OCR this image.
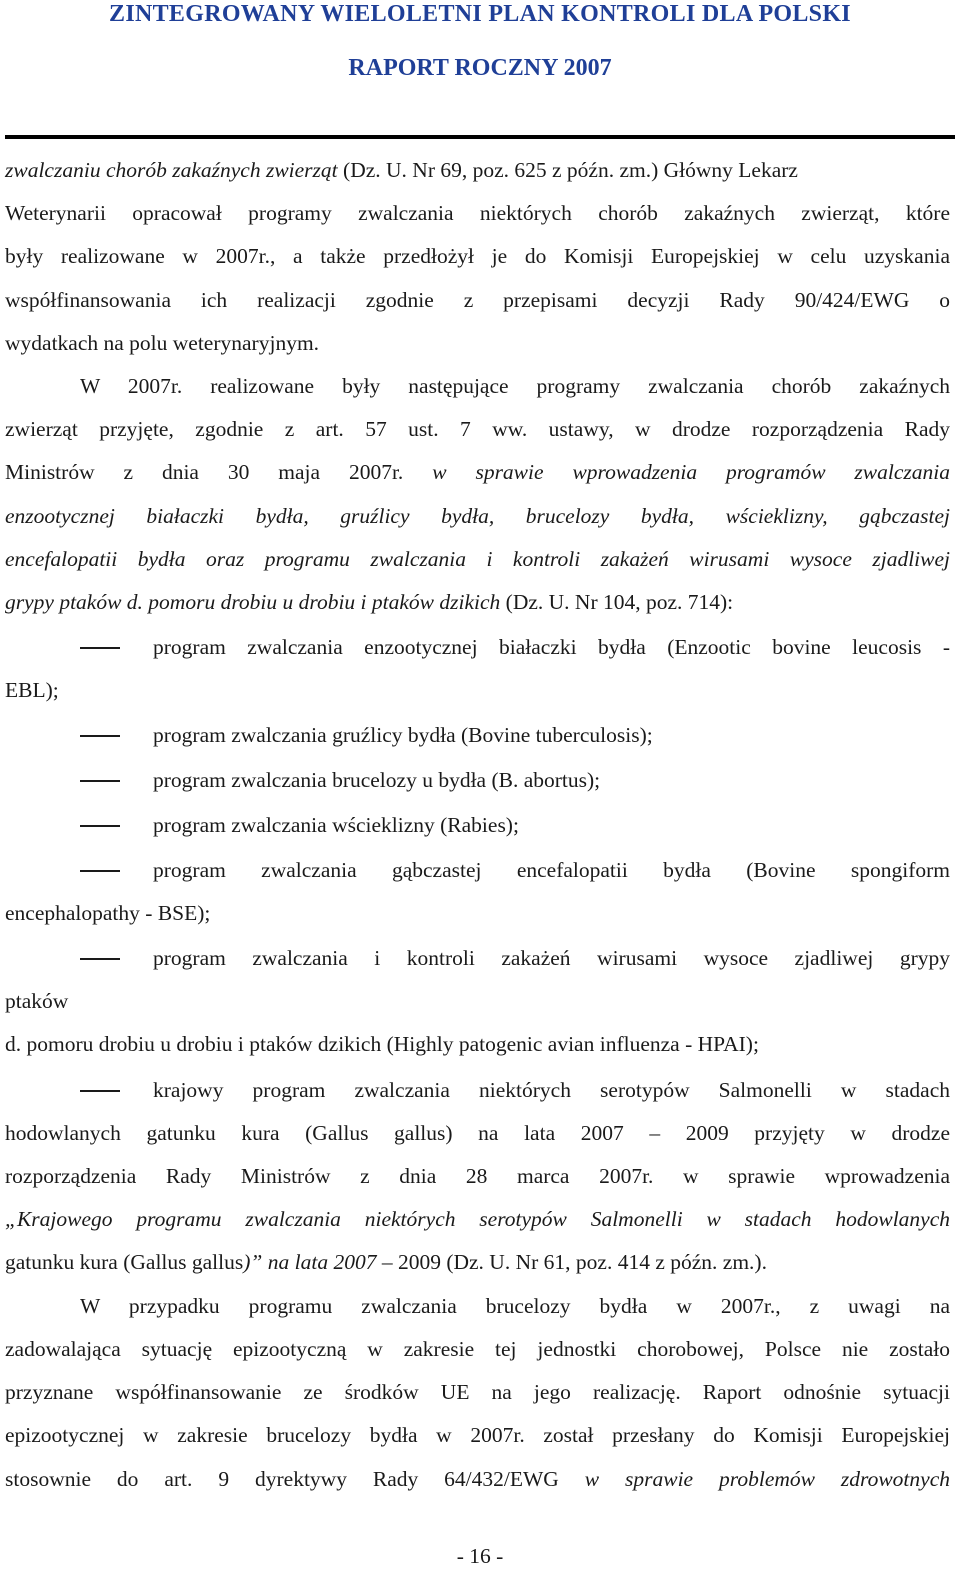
ZINTEGROWANY WIELOLETNI PLAN KONTROLI DLA POLSKI
RAPORT ROCZNY 2007
zwalczaniu chorób zakaźnych zwierząt (Dz. U. Nr 69, poz. 625 z późn. zm.) Główny Lekarz
Weterynarii opracował programy zwalczania niektórych chorób zakaźnych zwierząt, które
były realizowane w 2007r., a także przedłożył je do Komisji Europejskiej w celu uzyskania
współfinansowania ich realizacji zgodnie z przepisami decyzji Rady 90/424/EWG o
wydatkach na polu weterynaryjnym.
W 2007r. realizowane były następujące programy zwalczania chorób zakaźnych
zwierząt przyjęte, zgodnie z art. 57 ust. 7 ww. ustawy, w drodze rozporządzenia Rady
Ministrów z dnia 30 maja 2007r. w sprawie wprowadzenia programów zwalczania
enzootycznej białaczki bydła, gruźlicy bydła, brucelozy bydła, wścieklizny, gąbczastej
encefalopatii bydła oraz programu zwalczania i kontroli zakażeń wirusami wysoce zjadliwej
grypy ptaków d. pomoru drobiu u drobiu i ptaków dzikich (Dz. U. Nr 104, poz. 714):
program zwalczania enzootycznej białaczki bydła (Enzootic bovine leucosis -
EBL);
program zwalczania gruźlicy bydła (Bovine tuberculosis);
program zwalczania brucelozy u bydła (B. abortus);
program zwalczania wścieklizny (Rabies);
program zwalczania gąbczastej encefalopatii bydła (Bovine spongiform
encephalopathy - BSE);
program zwalczania i kontroli zakażeń wirusami wysoce zjadliwej grypy
ptaków
d. pomoru drobiu u drobiu i ptaków dzikich (Highly patogenic avian influenza - HPAI);
krajowy program zwalczania niektórych serotypów Salmonelli w stadach
hodowlanych gatunku kura (Gallus gallus) na lata 2007 – 2009 przyjęty w drodze
rozporządzenia Rady Ministrów z dnia 28 marca 2007r. w sprawie wprowadzenia
„Krajowego programu zwalczania niektórych serotypów Salmonelli w stadach hodowlanych
gatunku kura (Gallus gallus)” na lata 2007 – 2009 (Dz. U. Nr 61, poz. 414 z późn. zm.).
W przypadku programu zwalczania brucelozy bydła w 2007r., z uwagi na
zadowalająca sytuację epizootyczną w zakresie tej jednostki chorobowej, Polsce nie zostało
przyznane współfinansowanie ze środków UE na jego realizację. Raport odnośnie sytuacji
epizootycznej w zakresie brucelozy bydła w 2007r. został przesłany do Komisji Europejskiej
stosownie do art. 9 dyrektywy Rady 64/432/EWG w sprawie problemów zdrowotnych
- 16 -
